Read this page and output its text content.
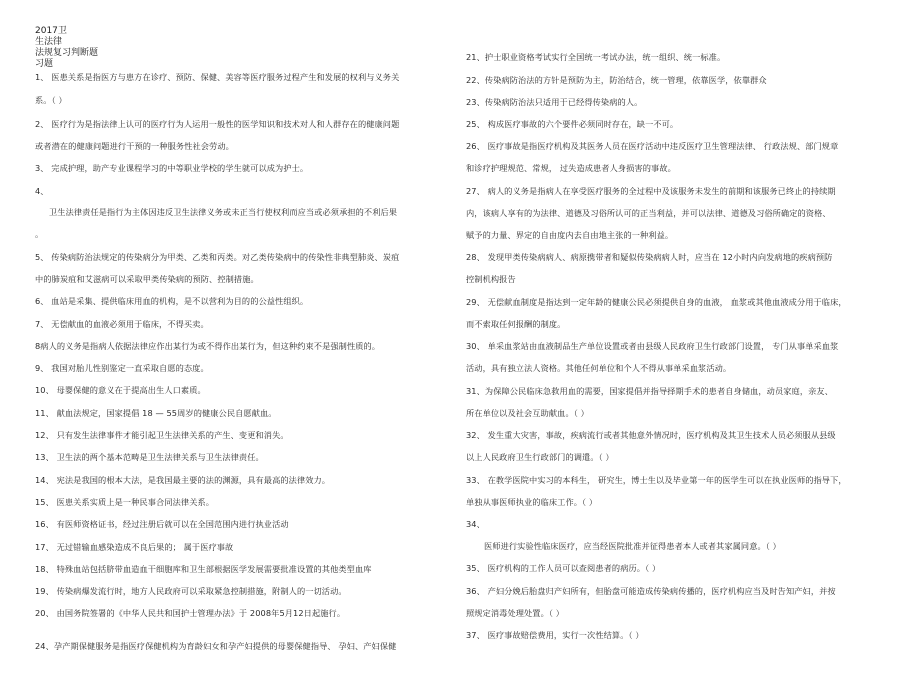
2017卫
生法律
法规复习判断题
习题
1、 医患关系是指医方与患方在诊疗、预防、保健、美容等医疗服务过程产生和发展的权利与义务关
系。（ ）
2、 医疗行为是指法律上认可的医疗行为人运用一般性的医学知识和技术对人和人群存在的健康问题
或者潜在的健康问题进行干预的一种服务性社会劳动。
3、 完成护理，助产专业课程学习的中等职业学校的学生就可以成为护士。
4、
卫生法律责任是指行为主体因违反卫生法律义务或未正当行使权利而应当或必须承担的不利后果
。
5、 传染病防治法规定的传染病分为甲类、乙类和丙类。对乙类传染病中的传染性非典型肺炎、炭疽
中的肺炭疽和艾滋病可以采取甲类传染病的预防、控制措施。
6、 血站是采集、提供临床用血的机构，是不以营利为目的的公益性组织。
7、 无偿献血的血液必须用于临床，不得买卖。
8病人的义务是指病人依据法律应作出某行为或不得作出某行为，但这种约束不是强制性质的。
9、 我国对胎儿性别鉴定一直采取自愿的态度。
10、 母婴保健的意义在于提高出生人口素质。
11、 献血法规定，国家提倡 18 — 55周岁的健康公民自愿献血。
12、 只有发生法律事件才能引起卫生法律关系的产生、变更和消失。
13、 卫生法的两个基本范畴是卫生法律关系与卫生法律责任。
14、 宪法是我国的根本大法，是我国最主要的法的渊源，具有最高的法律效力。
15、 医患关系实质上是一种民事合同法律关系。
16、 有医师资格证书，经过注册后就可以在全国范围内进行执业活动
17、 无过错输血感染造成不良后果的； 属于医疗事故
18、 特殊血站包括脐带血造血干细胞库和卫生部根据医学发展需要批准设置的其他类型血库
19、 传染病爆发流行时，地方人民政府可以采取紧急控制措施，附制人的一切活动。
20、 由国务院签署的《中华人民共和国护士管理办法》于 2008年5月12日起施行。
24、孕产期保健服务是指医疗保健机构为育龄妇女和孕产妇提供的母婴保健指导、 孕妇、产妇保健
21、护士职业资格考试实行全国统一考试办法，统一组织、统一标准。
22、传染病防治法的方针是预防为主，防治结合，统一管理，依靠医学，依靠群众
23、传染病防治法只适用于已经得传染病的人。
25、 构成医疗事故的六个要件必须同时存在，缺一不可。
26、 医疗事故是指医疗机构及其医务人员在医疗活动中违反医疗卫生管理法律、 行政法规、部门规章
和诊疗护理规范、常规， 过失造成患者人身损害的事故。
27、 病人的义务是指病人在享受医疗服务的全过程中及该服务未发生的前期和该服务已终止的持续期
内，该病人享有的为法律、道德及习俗所认可的正当利益，并可以法律、道德及习俗所确定的资格、
赋予的力量、界定的自由度内去自由地主张的一种利益。
28、 发现甲类传染病病人、病原携带者和疑似传染病病人时，应当在 12小时内向发病地的疾病预防
控制机构报告
29、 无偿献血制度是指达到一定年龄的健康公民必须提供自身的血液， 血浆或其他血液成分用于临床，
而不索取任何报酬的制度。
30、 单采血浆站由血液制品生产单位设置或者由县级人民政府卫生行政部门设置， 专门从事单采血浆
活动，具有独立法人资格。其他任何单位和个人不得从事单采血浆活动。
31、为保障公民临床急救用血的需要，国家提倡并指导择期手术的患者自身储血，动员家庭，亲友、
所在单位以及社会互助献血。（ ）
32、 发生重大灾害，事故，疾病流行或者其他意外情况时，医疗机构及其卫生技术人员必须服从县级
以上人民政府卫生行政部门的调遣。（ ）
33、 在教学医院中实习的本科生， 研究生，博士生以及毕业第一年的医学生可以在执业医师的指导下，
单独从事医师执业的临床工作。（ ）
34、
医师进行实验性临床医疗，应当经医院批准并征得患者本人或者其家属同意。（ ）
35、 医疗机构的工作人员可以查阅患者的病历。（ ）
36、 产妇分娩后胎盘归产妇所有，但胎盘可能造成传染病传播的，医疗机构应当及时告知产妇，并按
照规定消毒处理处置。（ ）
37、 医疗事故赔偿费用，实行一次性结算。（ ）
